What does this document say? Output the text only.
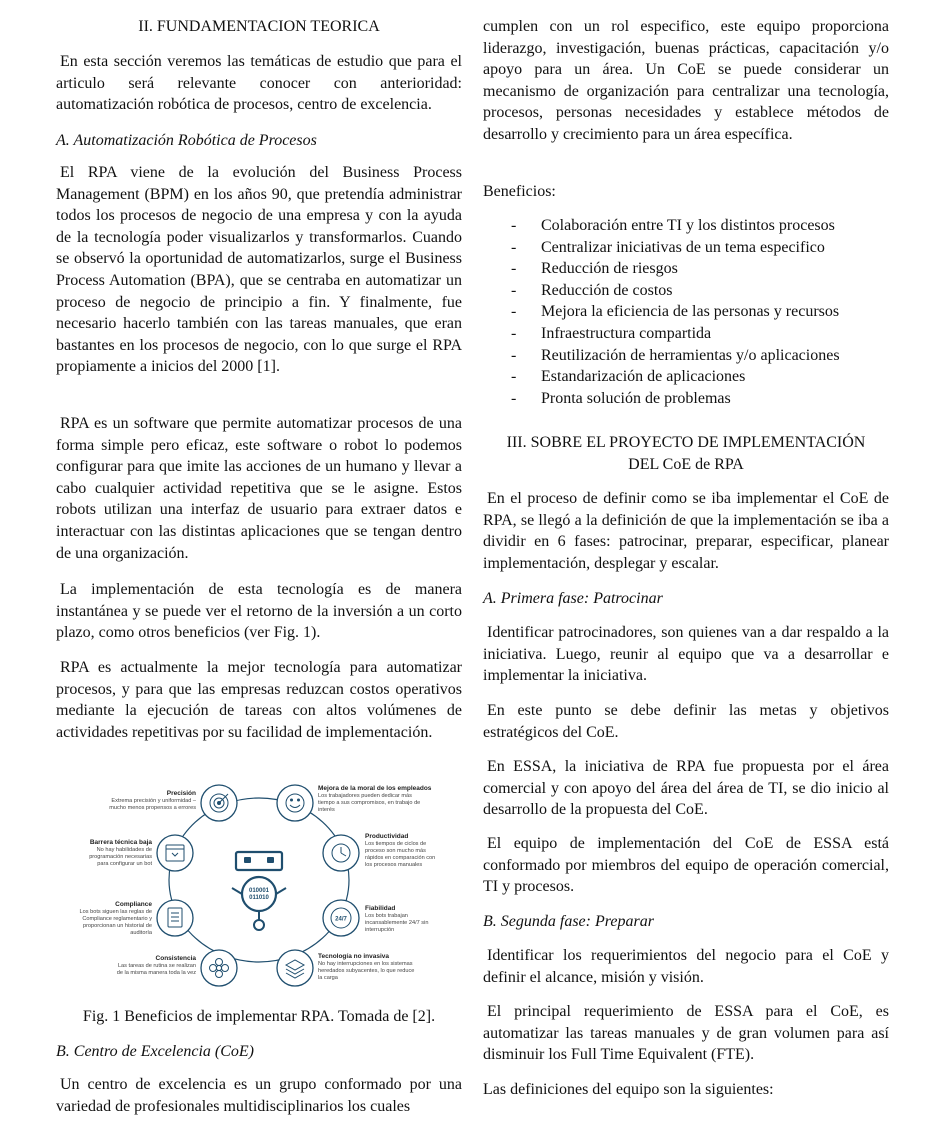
II. FUNDAMENTACION TEORICA

En esta sección veremos las temáticas de estudio que para el articulo será relevante conocer con anterioridad: automatización robótica de procesos, centro de excelencia.

A. Automatización Robótica de Procesos

El RPA viene de la evolución del Business Process Management (BPM) en los años 90, que pretendía administrar todos los procesos de negocio de una empresa y con la ayuda de la tecnología poder visualizarlos y transformarlos. Cuando se observó la oportunidad de automatizarlos, surge el Business Process Automation (BPA), que se centraba en automatizar un proceso de negocio de principio a fin. Y finalmente, fue necesario hacerlo también con las tareas manuales, que eran bastantes en los procesos de negocio, con lo que surge el RPA propiamente a inicios del 2000 [1].

RPA es un software que permite automatizar procesos de una forma simple pero eficaz, este software o robot lo podemos configurar para que imite las acciones de un humano y llevar a cabo cualquier actividad repetitiva que se le asigne. Estos robots utilizan una interfaz de usuario para extraer datos e interactuar con las distintas aplicaciones que se tengan dentro de una organización.

La implementación de esta tecnología es de manera instantánea y se puede ver el retorno de la inversión a un corto plazo, como otros beneficios (ver Fig. 1).

RPA es actualmente la mejor tecnología para automatizar procesos, y para que las empresas reduzcan costos operativos mediante la ejecución de tareas con altos volúmenes de actividades repetitivas por su facilidad de implementación.

Fig. 1 Beneficios de implementar RPA. Tomada de [2].

B. Centro de Excelencia (CoE)

Un centro de excelencia es un grupo conformado por una variedad de profesionales multidisciplinarios los cuales

24/7
010001
011010
Precisión
Extrema precisión y uniformidad –
mucho menos propensos a errores
Barrera técnica baja
No hay habilidades de
programación necesarias
para configurar un bot
Compliance
Los bots siguen las reglas de
Compliance reglamentario y
proporcionan un historial de
auditoría
Consistencia
Las tareas de rutina se realizan
de la misma manera toda la vez
Mejora de la moral de los empleados
Los trabajadores pueden dedicar más
tiempo a sus compromisos, en trabajo de
interés
Productividad
Los tiempos de ciclos de
proceso son mucho más
rápidos en comparación con
los procesos manuales
Fiabilidad
Los bots trabajan
incansablemente 24/7 sin
interrupción
Tecnología no invasiva
No hay interrupciones en los sistemas
heredados subyacentes, lo que reduce
la carga

cumplen con un rol especifico, este equipo proporciona liderazgo, investigación, buenas prácticas, capacitación y/o apoyo para un área. Un CoE se puede considerar un mecanismo de organización para centralizar una tecnología, procesos, personas necesidades y establece métodos de desarrollo y crecimiento para un área específica.

Beneficios:

- Colaboración entre TI y los distintos procesos
- Centralizar iniciativas de un tema especifico
- Reducción de riesgos
- Reducción de costos
- Mejora la eficiencia de las personas y recursos
- Infraestructura compartida
- Reutilización de herramientas y/o aplicaciones
- Estandarización de aplicaciones
- Pronta solución de problemas

III. SOBRE EL PROYECTO DE IMPLEMENTACIÓN

DEL CoE de RPA

En el proceso de definir como se iba implementar el CoE de RPA, se llegó a la definición de que la implementación se iba a dividir en 6 fases: patrocinar, preparar, especificar, planear implementación, desplegar y escalar.

A. Primera fase: Patrocinar

Identificar patrocinadores, son quienes van a dar respaldo a la iniciativa. Luego, reunir al equipo que va a desarrollar e implementar la iniciativa.

En este punto se debe definir las metas y objetivos estratégicos del CoE.

En ESSA, la iniciativa de RPA fue propuesta por el área comercial y con apoyo del área del área de TI, se dio inicio al desarrollo de la propuesta del CoE.

El equipo de implementación del CoE de ESSA está conformado por miembros del equipo de operación comercial, TI y procesos.

B. Segunda fase: Preparar

Identificar los requerimientos del negocio para el CoE y definir el alcance, misión y visión.

El principal requerimiento de ESSA para el CoE, es automatizar las tareas manuales y de gran volumen para así disminuir los Full Time Equivalent (FTE).

Las definiciones del equipo son la siguientes:
